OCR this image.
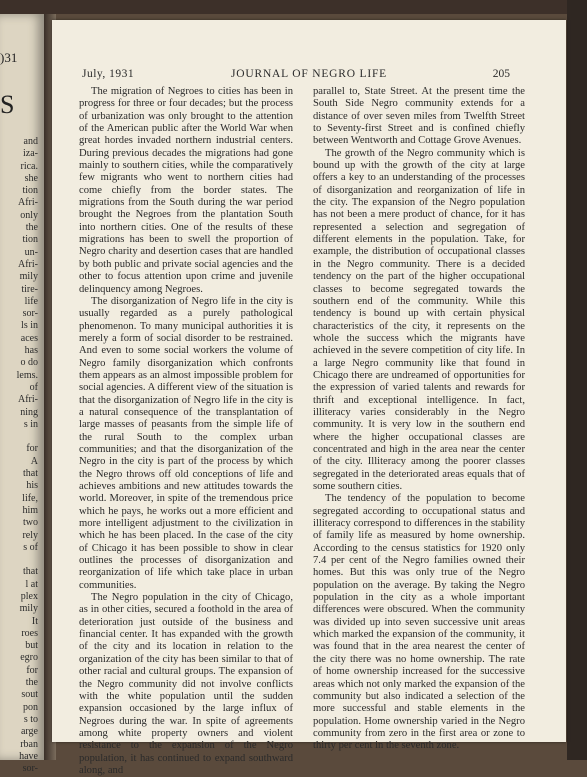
)31
S
and
iza-
rica.
she
tion
Afri-
only
the
tion
un-
Afri-
mily
tire-
life
sor-
ls in
aces
has
o do
lems.
of
Afri-
ning
s in
for
A
that
his
life,
him
two
rely
s of
that
l at
plex
mily
It
roes
but
egro
for
the
sout
pon
s to
arge
rban
have
sor-
JOURNAL OF NEGRO LIFE
July, 1931	205

The migration of Negroes to cities has been in progress for three or four decades; but the process of urbanization was only brought to the attention of the American public after the World War when great hordes invaded northern industrial centers. During previous decades the migrations had gone mainly to southern cities, while the comparatively few migrants who went to northern cities had come chiefly from the border states. The migrations from the South during the war period brought the Negroes from the plantation South into northern cities. One of the results of these migrations has been to swell the proportion of Negro charity and desertion cases that are handled by both public and private social agencies and the other to focus attention upon crime and juvenile delinquency among Negroes.

The disorganization of Negro life in the city is usually regarded as a purely pathological phenomenon. To many municipal authorities it is merely a form of social disorder to be restrained. And even to some social workers the volume of Negro family disorganization which confronts them appears as an almost impossible problem for social agencies. A different view of the situation is that the disorganization of Negro life in the city is a natural consequence of the transplantation of large masses of peasants from the simple life of the rural South to the complex urban communities; and that the disorganization of the Negro in the city is part of the process by which the Negro throws off old conceptions of life and achieves ambitions and new attitudes towards the world. Moreover, in spite of the tremendous price which he pays, he works out a more efficient and more intelligent adjustment to the civilization in which he has been placed. In the case of the city of Chicago it has been possible to show in clear outlines the processes of disorganization and reorganization of life which take place in urban communities.

The Negro population in the city of Chicago, as in other cities, secured a foothold in the area of deterioration just outside of the business and financial center. It has expanded with the growth of the city and its location in relation to the organization of the city has been similar to that of other racial and cultural groups. The expansion of the Negro community did not involve conflicts with the white population until the sudden expansion occasioned by the large influx of Negroes during the war. In spite of agreements among white property owners and violent resistance to the expansion of the Negro population, it has continued to expand southward along, and

parallel to, State Street. At the present time the South Side Negro community extends for a distance of over seven miles from Twelfth Street to Seventy-first Street and is confined chiefly between Wentworth and Cottage Grove Avenues.

The growth of the Negro community which is bound up with the growth of the city at large offers a key to an understanding of the processes of disorganization and reorganization of life in the city. The expansion of the Negro population has not been a mere product of chance, for it has represented a selection and segregation of different elements in the population. Take, for example, the distribution of occupational classes in the Negro community. There is a decided tendency on the part of the higher occupational classes to become segregated towards the southern end of the community. While this tendency is bound up with certain physical characteristics of the city, it represents on the whole the success which the migrants have achieved in the severe competition of city life. In a large Negro community like that found in Chicago there are undreamed of opportunities for the expression of varied talents and rewards for thrift and exceptional intelligence. In fact, illiteracy varies considerably in the Negro community. It is very low in the southern end where the higher occupational classes are concentrated and high in the area near the center of the city. Illiteracy among the poorer classes segregated in the deteriorated areas equals that of some southern cities.

The tendency of the population to become segregated according to occupational status and illiteracy correspond to differences in the stability of family life as measured by home ownership. According to the census statistics for 1920 only 7.4 per cent of the Negro families owned their homes. But this was only true of the Negro population on the average. By taking the Negro population in the city as a whole important differences were obscured. When the community was divided up into seven successive unit areas which marked the expansion of the community, it was found that in the area nearest the center of the city there was no home ownership. The rate of home ownership increased for the successive areas which not only marked the expansion of the community but also indicated a selection of the more successful and stable elements in the population. Home ownership varied in the Negro community from zero in the first area or zone to thirty per cent in the seventh zone.
